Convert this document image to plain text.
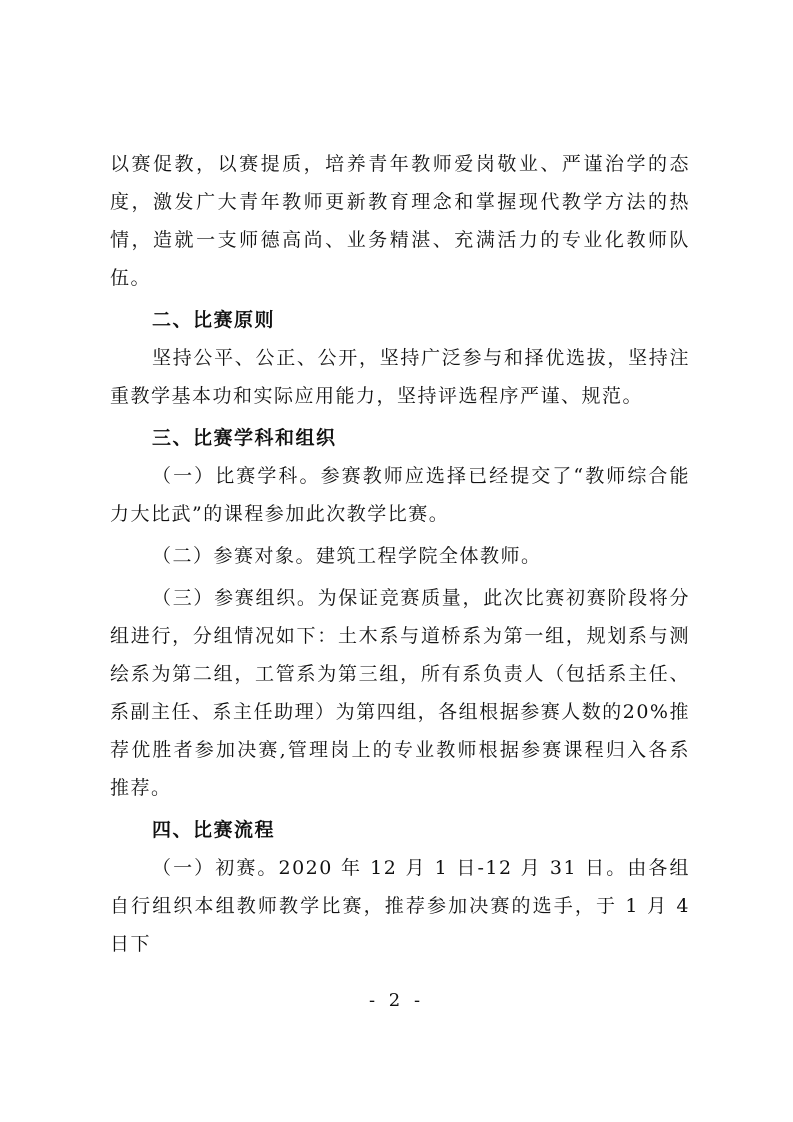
以赛促教，以赛提质，培养青年教师爱岗敬业、严谨治学的态度，激发广大青年教师更新教育理念和掌握现代教学方法的热情，造就一支师德高尚、业务精湛、充满活力的专业化教师队伍。

二、比赛原则

坚持公平、公正、公开，坚持广泛参与和择优选拔，坚持注重教学基本功和实际应用能力，坚持评选程序严谨、规范。

三、比赛学科和组织

（一）比赛学科。参赛教师应选择已经提交了“教师综合能力大比武”的课程参加此次教学比赛。

（二）参赛对象。建筑工程学院全体教师。

（三）参赛组织。为保证竞赛质量，此次比赛初赛阶段将分组进行，分组情况如下：土木系与道桥系为第一组，规划系与测绘系为第二组，工管系为第三组，所有系负责人（包括系主任、系副主任、系主任助理）为第四组，各组根据参赛人数的20%推荐优胜者参加决赛,管理岗上的专业教师根据参赛课程归入各系推荐。

四、比赛流程

（一）初赛。2020 年 12 月 1 日-12 月 31 日。由各组自行组织本组教师教学比赛，推荐参加决赛的选手，于 1 月 4 日下

- 2 -
